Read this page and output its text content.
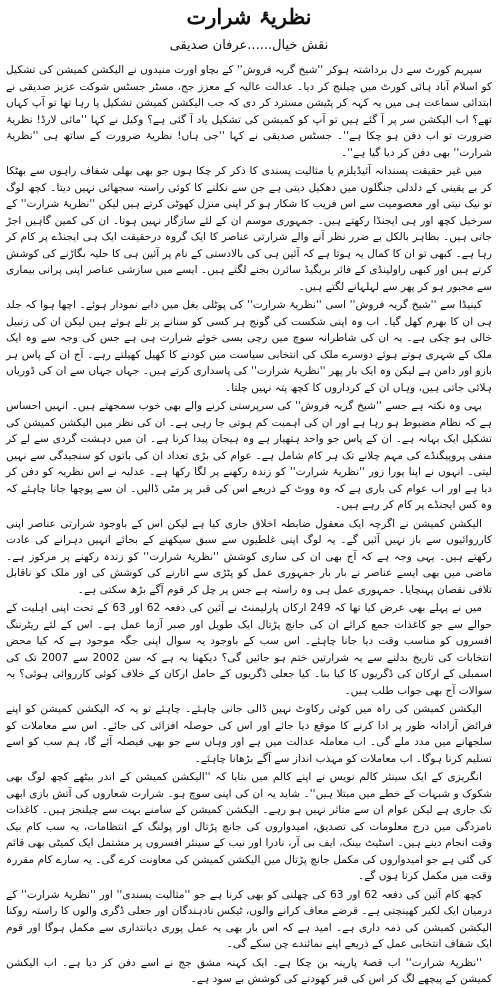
نظریۂ شرارت
نقش خیال......عرفان صدیقی

سپریم کورٹ سے دل برداشتہ ہوکر ''شیخ گریہ فروش'' کے بچاو اورت منیدوں نے الیکشن کمیشن کی تشکیل کو اسلام آباد ہائی کورٹ میں چیلنج کر دیا۔ عدالت عالیہ کے معزز جج، مسٹر جسٹس شوکت عزیز صدیقی نے ابتدائی سماعت ہی میں یہ کہہ کر پٹیشن مسترد کر دی کہ جب الیکشن کمیشن تشکیل پا رہا تھا تو آپ کہاں تھے؟ اب الیکشن سر پر آ گئے ہیں تو آپ کو کمیشن کی تشکیل یاد آ گئی ہے؟ وکیل نے کہا ''مائی لارڈ! نظریۂ ضرورت تو اب دفن ہو چکا ہے''۔ جسٹس صدیقی نے کہا ''جی ہاں! نظریۂ ضرورت کے ساتھ ہی ''نظریۂ شرارت'' بھی دفن کر دیا گیا ہے''۔

میں غیر حقیقت پسندانہ آئیڈیلزم یا مثالیت پسندی کا ذکر کر چکا ہوں جو بھی بھلی شفاف راہوں سے بھٹکا کر بے یقینی کے دلدلی جنگلوں میں دھکیل دیتی ہے جن سے نکلنے کا کوئی راستہ سجھائی نہیں دیتا۔ کچھ لوگ تو نیک نیتی اور معصومیت سے اس فریب کا شکار ہو کر اپنی منزل کھوٹی کرتے ہیں لیکن ''نظریۂ شرارت'' کے سرخیل کچھ اور ہی ایجنڈا رکھتے ہیں۔ جمہوری موسم ان کے لئے سازگار نہیں ہوتا۔ ان کی کمین گاہیں اجڑ جاتی ہیں۔ بظاہر بالکل بے ضرر نظر آنے والے شرارتی عناصر کا ایک گروہ درحقیقت ایک ہی ایجنڈے پر کام کر رہا ہے۔ کبھی تو ان کا کمال یہ ہوتا ہے کہ آئین ہی کی بالادستی کے نام پر آئین ہی کا حلیہ بگاڑنے کی کوشش کرتے ہیں اور کبھی راولپنڈی کے فائر بریگیڈ سائرن بجنے لگتے ہیں۔ ایسے میں سازشی عناصر اپنی پرانی بیماری سے مجبور ہو کر پھر سے لہلہانے لگتے ہیں۔

کینیڈا سے ''شیخ گریہ فروش'' اسی ''نظریۂ شرارت'' کی پوٹلی بغل میں دابے نمودار ہوئے۔ اچھا ہوا کہ جلد ہی ان کا بھرم کھل گیا۔ اب وہ اپنی شکست کی گونج ہر کسی کو سنانے پر تلے ہوئے ہیں لیکن ان کی زنبیل خالی ہو چکی ہے۔ یہ ان کی شاطرانہ سوچ میں رچی بسی خوئے شرارت ہی ہے جس کی وجہ سے وہ ایک ملک کے شہری ہوتے ہوئے دوسرے ملک کی انتخابی سیاست میں کودنے کا کھیل کھیلتے رہے۔ آج ان کے پاس ہر بازو اور دامن ہے لیکن وہ ایک بار پھر ''نظریۂ شرارت'' کی پاسداری کرتے ہیں۔ جہاں جہاں سے ان کی ڈوریاں ہلائی جاتی ہیں، وہاں ان کے کرداروں کا کچھ پتہ نہیں چلتا۔

یہی وہ نکتہ ہے جسے ''شیخ گریہ فروش'' کی سرپرستی کرنے والے بھی خوب سمجھتے ہیں۔ انہیں احساس ہے کہ نظام مضبوط ہو رہا ہے اور ان کی اہمیت کم ہوتی جا رہی ہے۔ ان کی نظر میں الیکشن کمیشن کی تشکیل ایک بہانہ ہے۔ ان کے پاس جو واحد ہتھیار ہے وہ ہیجان پیدا کرنا ہے۔ ان میں دہشت گردی سے لے کر منفی پروپیگنڈے کی مہم چلانے تک ہر کام شامل ہے۔ عوام کی بڑی تعداد ان کی باتوں کو سنجیدگی سے نہیں لیتی۔ انہوں نے اپنا پورا زور ''نظریۂ شرارت'' کو زندہ رکھنے پر لگا رکھا ہے۔ عدلیہ نے اس نظریہ کو دفن کر دیا ہے اور اب عوام کی باری ہے کہ وہ ووٹ کے ذریعے اس کی قبر پر مٹی ڈالیں۔ ان سے پوچھا جانا چاہئے کہ وہ کس ایجنڈے پر کام کر رہے ہیں۔

الیکشن کمیشن نے اگرچہ ایک معقول ضابطہ اخلاق جاری کیا ہے لیکن اس کے باوجود شرارتی عناصر اپنی کارروائیوں سے باز نہیں آئیں گے۔ یہ لوگ اپنی غلطیوں سے سبق سیکھنے کے بجائے انہیں دہرانے کی عادت رکھتے ہیں۔ یہی وجہ ہے کہ آج بھی ان کی ساری کوشش ''نظریۂ شرارت'' کو زندہ رکھنے پر مرکوز ہے۔ ماضی میں بھی ایسے عناصر نے بار بار جمہوری عمل کو پٹڑی سے اتارنے کی کوشش کی اور ملک کو ناقابل تلافی نقصان پہنچایا۔ جمہوری عمل ہی وہ راستہ ہے جس پر چل کر قوم آگے بڑھ سکتی ہے۔

میں نے پہلے بھی عرض کیا تھا کہ 249 ارکان پارلیمنٹ نے آئین کی دفعہ 62 اور 63 کے تحت اپنی اہلیت کے حوالے سے جو کاغذات جمع کرائے ان کی جانچ پڑتال ایک طویل اور صبر آزما عمل ہے۔ اس کے لئے ریٹرننگ افسروں کو مناسب وقت دیا جانا چاہئے۔ اس سب کے باوجود یہ سوال اپنی جگہ موجود ہے کہ کیا محض انتخابات کی تاریخ بدلنے سے یہ شرارتیں ختم ہو جائیں گی؟ دیکھنا یہ ہے کہ سن 2002 سے 2007 تک کی اسمبلی کے ارکان کی ڈگریوں کا کیا بنا۔ کیا جعلی ڈگریوں کے حامل ارکان کے خلاف کوئی کارروائی ہوئی؟ یہ سوالات آج بھی جواب طلب ہیں۔

الیکشن کمیشن کی راہ میں کوئی رکاوٹ نہیں ڈالی جانی چاہئے۔ چاہئے تو یہ کہ الیکشن کمیشن کو اپنے فرائض آزادانہ طور پر ادا کرنے کا موقع دیا جائے اور اس کی حوصلہ افزائی کی جائے۔ اس سے معاملات کو سلجھانے میں مدد ملے گی۔ اب معاملہ عدالت میں ہے اور وہاں سے جو بھی فیصلہ آئے گا، ہم سب کو اسے تسلیم کرنا ہوگا۔ اب معاملات کو مہذب انداز سے آگے بڑھانا چاہئے۔

انگریزی کے ایک سینئر کالم نویس نے اپنے کالم میں بتایا کہ ''الیکشن کمیشن کے اندر بیٹھے کچھ لوگ بھی شکوک و شبہات کے خطے میں مبتلا ہیں''۔ شاید یہ ان کی اپنی سوچ ہو۔ شرارت شعاروں کی آتش بازی ابھی تک جاری ہے لیکن عوام ان سے متاثر نہیں ہو رہے۔ الیکشن کمیشن کے سامنے بہت سے چیلنجز ہیں۔ کاغذات نامزدگی میں درج معلومات کی تصدیق، امیدواروں کی جانچ پڑتال اور پولنگ کے انتظامات، یہ سب کام بیک وقت انجام دینے ہیں۔ اسٹیٹ بینک، ایف بی آر، نادرا اور نیب کے سینئر افسروں پر مشتمل ایک کمیٹی بھی قائم کی گئی ہے جو امیدواروں کی مکمل جانچ پڑتال میں الیکشن کمیشن کی معاونت کرے گی۔ یہ سارے کام مقررہ وقت میں مکمل کرنا ہوں گے۔

کچھ کام آئین کی دفعہ 62 اور 63 کی چھلنی کو بھی کرنا ہے جو ''مثالیت پسندی'' اور ''نظریۂ شرارت'' کے درمیان ایک لکیر کھینچتی ہے۔ قرضے معاف کرانے والوں، ٹیکس نادہندگان اور جعلی ڈگری والوں کا راستہ روکنا الیکشن کمیشن کی ذمہ داری ہے۔ امید ہے کہ اس بار بھی یہ عمل پوری دیانتداری سے مکمل ہوگا اور قوم ایک شفاف انتخابی عمل کے ذریعے اپنے نمائندے چن سکے گی۔

''نظریۂ شرارت'' اب قصۂ پارینہ بن چکا ہے۔ ایک کہنہ مشق جج نے اسے دفن کر دیا ہے۔ اب الیکشن کمیشن کے پیچھے لگ کر اس کی قبر کھودنے کی کوشش بے سود ہے۔
